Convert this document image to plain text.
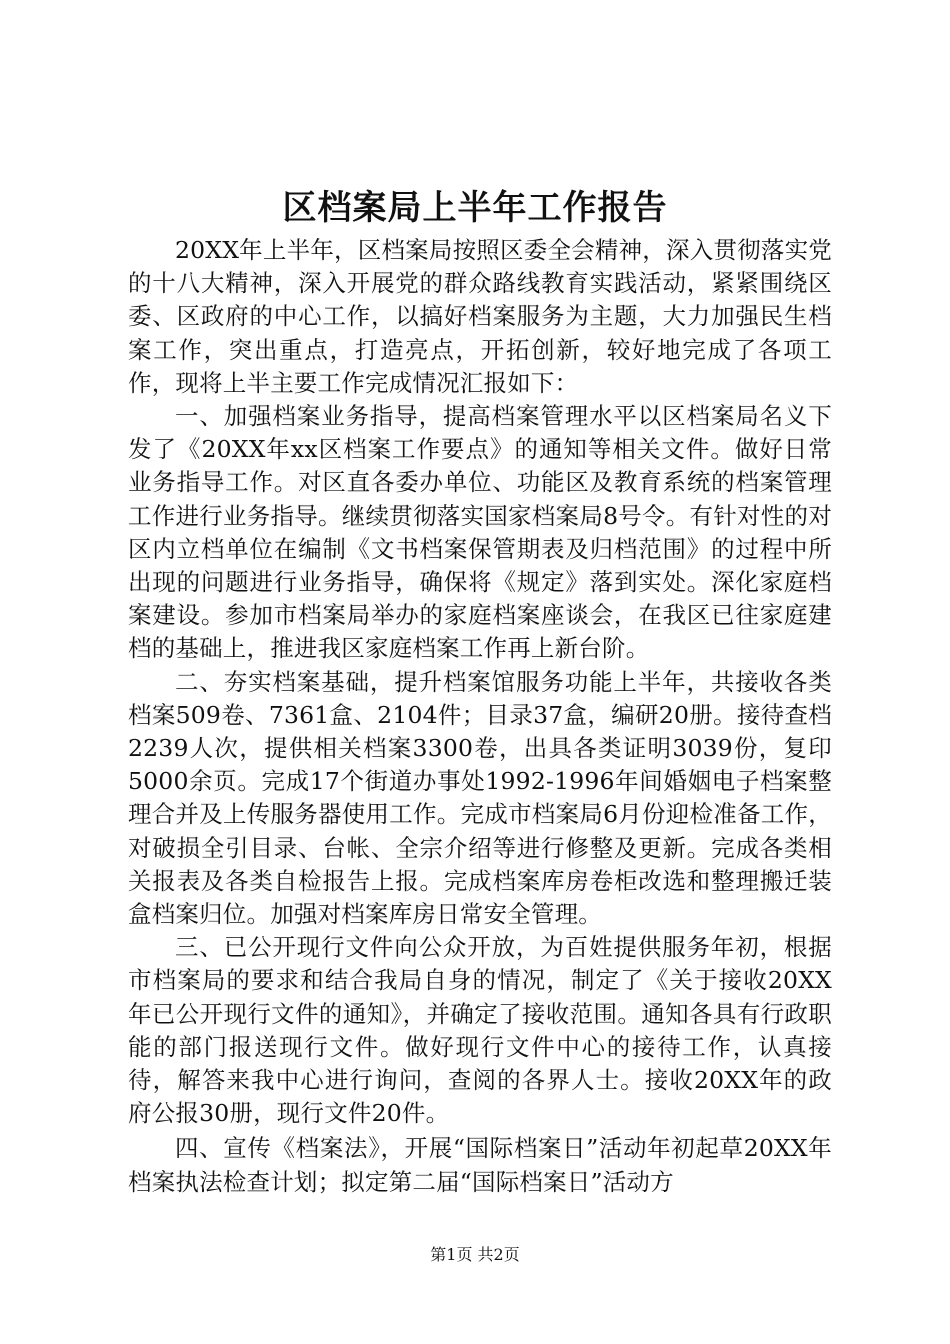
区档案局上半年工作报告

20XX年上半年，区档案局按照区委全会精神，深入贯彻落实党的十八大精神，深入开展党的群众路线教育实践活动，紧紧围绕区委、区政府的中心工作，以搞好档案服务为主题，大力加强民生档案工作，突出重点，打造亮点，开拓创新，较好地完成了各项工作，现将上半主要工作完成情况汇报如下：

一、加强档案业务指导，提高档案管理水平以区档案局名义下发了《20XX年xx区档案工作要点》的通知等相关文件。做好日常业务指导工作。对区直各委办单位、功能区及教育系统的档案管理工作进行业务指导。继续贯彻落实国家档案局8号令。有针对性的对区内立档单位在编制《文书档案保管期表及归档范围》的过程中所出现的问题进行业务指导，确保将《规定》落到实处。深化家庭档案建设。参加市档案局举办的家庭档案座谈会，在我区已往家庭建档的基础上，推进我区家庭档案工作再上新台阶。

二、夯实档案基础，提升档案馆服务功能上半年，共接收各类档案509卷、7361盒、2104件；目录37盒，编研20册。接待查档2239人次，提供相关档案3300卷，出具各类证明3039份，复印5000余页。完成17个街道办事处1992-1996年间婚姻电子档案整理合并及上传服务器使用工作。完成市档案局6月份迎检准备工作，对破损全引目录、台帐、全宗介绍等进行修整及更新。完成各类相关报表及各类自检报告上报。完成档案库房卷柜改选和整理搬迁装盒档案归位。加强对档案库房日常安全管理。

三、已公开现行文件向公众开放，为百姓提供服务年初，根据市档案局的要求和结合我局自身的情况，制定了《关于接收20XX年已公开现行文件的通知》，并确定了接收范围。通知各具有行政职能的部门报送现行文件。做好现行文件中心的接待工作，认真接待，解答来我中心进行询问，查阅的各界人士。接收20XX年的政府公报30册，现行文件20件。

四、宣传《档案法》，开展“国际档案日”活动年初起草20XX年档案执法检查计划；拟定第二届“国际档案日”活动方

第1页 共2页
